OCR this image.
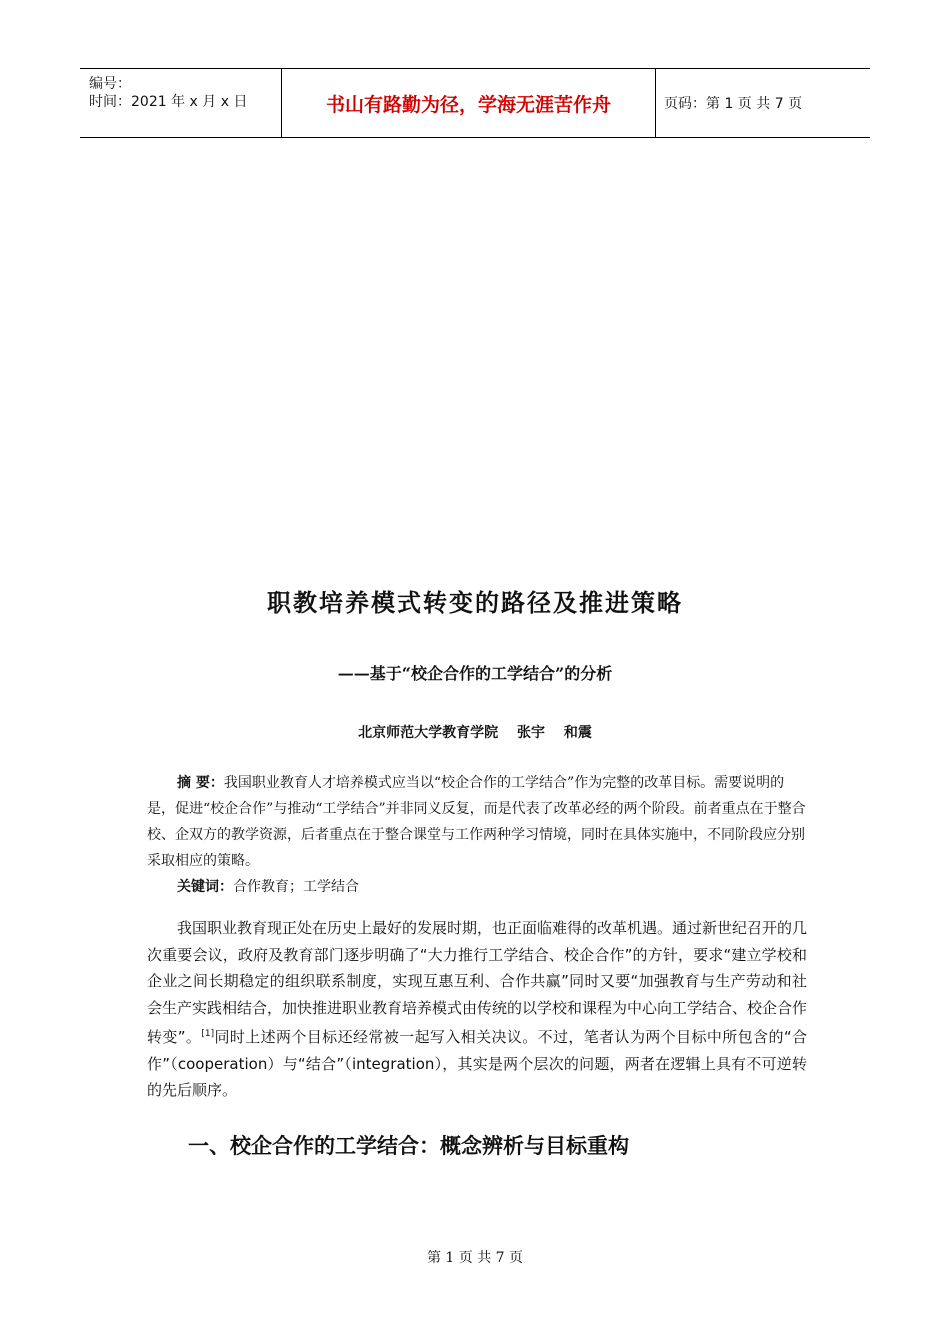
编号：
时间：2021 年 x 月 x 日	书山有路勤为径，学海无涯苦作舟	页码：第 1 页 共 7 页
职教培养模式转变的路径及推进策略
——基于“校企合作的工学结合”的分析
北京师范大学教育学院 张宇 和震
摘 要：我国职业教育人才培养模式应当以“校企合作的工学结合”作为完整的改革目标。需要说明的是，促进“校企合作”与推动“工学结合”并非同义反复，而是代表了改革必经的两个阶段。前者重点在于整合校、企双方的教学资源，后者重点在于整合课堂与工作两种学习情境，同时在具体实施中，不同阶段应分别采取相应的策略。
关键词：合作教育；工学结合

我国职业教育现正处在历史上最好的发展时期，也正面临难得的改革机遇。通过新世纪召开的几次重要会议，政府及教育部门逐步明确了“大力推行工学结合、校企合作”的方针，要求“建立学校和企业之间长期稳定的组织联系制度，实现互惠互利、合作共赢”同时又要“加强教育与生产劳动和社会生产实践相结合，加快推进职业教育培养模式由传统的以学校和课程为中心向工学结合、校企合作转变”。[1]同时上述两个目标还经常被一起写入相关决议。不过，笔者认为两个目标中所包含的“合作”（cooperation）与“结合”（integration），其实是两个层次的问题，两者在逻辑上具有不可逆转的先后顺序。

一、校企合作的工学结合：概念辨析与目标重构
第 1 页 共 7 页
